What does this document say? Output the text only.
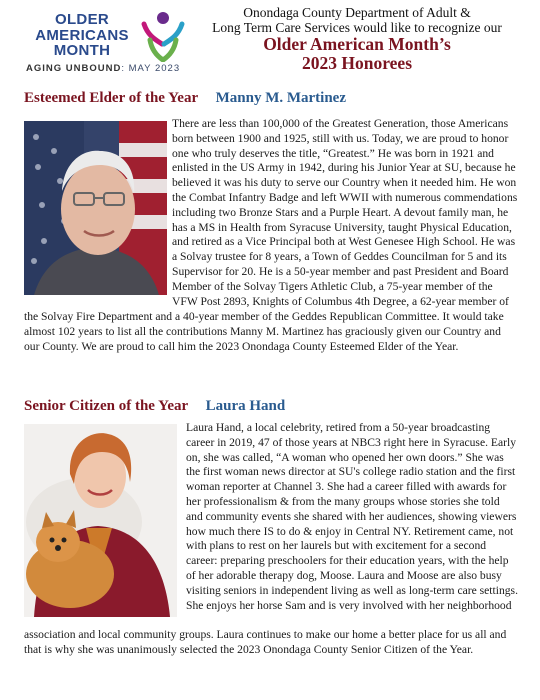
OLDER
AMERICANS
MONTH
AGING UNBOUND: MAY 2023
Onondaga County Department of Adult &
Long Term Care Services would like to recognize our
Older American Month’s
2023 Honorees
Esteemed Elder of the Year Manny M. Martinez
There are less than 100,000 of the Greatest Generation, those Americans born between 1900 and 1925, still with us. Today, we are proud to honor one who truly deserves the title, “Greatest.” He was born in 1921 and enlisted in the US Army in 1942, during his Junior Year at SU, because he believed it was his duty to serve our Country when it needed him. He won the Combat Infantry Badge and left WWII with numerous commendations including two Bronze Stars and a Purple Heart. A devout family man, he has a MS in Health from Syracuse University, taught Physical Education, and retired as a Vice Principal both at West Genesee High School. He was a Solvay trustee for 8 years, a Town of Geddes Councilman for 5 and its Supervisor for 20. He is a 50-year member and past President and Board Member of the Solvay Tigers Athletic Club, a 75-year member of the VFW Post 2893, Knights of Columbus 4th Degree, a 62-year member of
the Solvay Fire Department and a 40-year member of the Geddes Republican Committee. It would take almost 102 years to list all the contributions Manny M. Martinez has graciously given our Country and our County. We are proud to call him the 2023 Onondaga County Esteemed Elder of the Year.
Senior Citizen of the Year Laura Hand
Laura Hand, a local celebrity, retired from a 50-year broadcasting career in 2019, 47 of those years at NBC3 right here in Syracuse. Early on, she was called, “A woman who opened her own doors.” She was the first woman news director at SU's college radio station and the first woman reporter at Channel 3. She had a career filled with awards for her professionalism & from the many groups whose stories she told and community events she shared with her audiences, showing viewers how much there IS to do & enjoy in Central NY. Retirement came, not with plans to rest on her laurels but with excitement for a second career: preparing preschoolers for their education years, with the help of her adorable therapy dog, Moose. Laura and Moose are also busy visiting seniors in independent living as well as long-term care settings. She enjoys her horse Sam and is very involved with her neighborhood
association and local community groups. Laura continues to make our home a better place for us all and that is why she was unanimously selected the 2023 Onondaga County Senior Citizen of the Year.
